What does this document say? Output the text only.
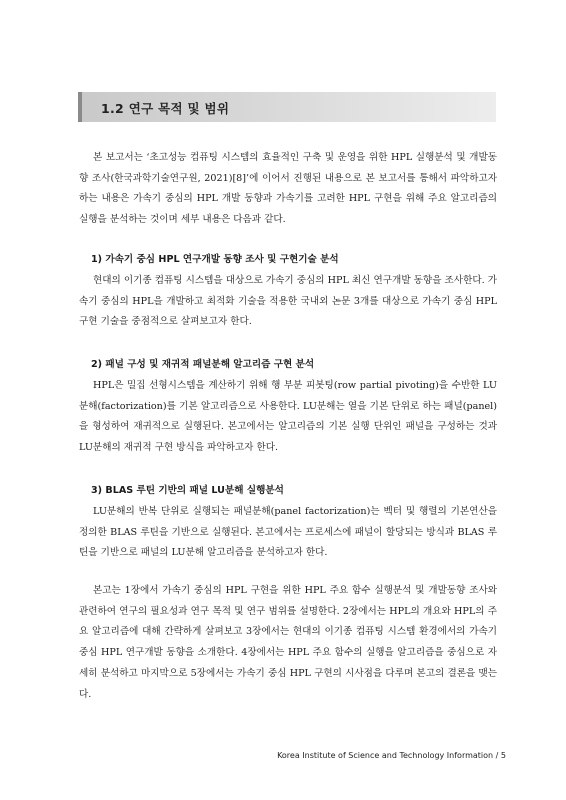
1.2 연구 목적 및 범위

본 보고서는 ‘초고성능 컴퓨팅 시스템의 효율적인 구축 및 운영을 위한 HPL 실행분석 및 개발동향 조사(한국과학기술연구원, 2021)[8]’에 이어서 진행된 내용으로 본 보고서를 통해서 파악하고자 하는 내용은 가속기 중심의 HPL 개발 동향과 가속기를 고려한 HPL 구현을 위해 주요 알고리즘의 실행을 분석하는 것이며 세부 내용은 다음과 같다.

1) 가속기 중심 HPL 연구개발 동향 조사 및 구현기술 분석

현대의 이기종 컴퓨팅 시스템을 대상으로 가속기 중심의 HPL 최신 연구개발 동향을 조사한다. 가속기 중심의 HPL을 개발하고 최적화 기술을 적용한 국내외 논문 3개를 대상으로 가속기 중심 HPL 구현 기술을 중점적으로 살펴보고자 한다.

2) 패널 구성 및 재귀적 패널분해 알고리즘 구현 분석

HPL은 밀집 선형시스템을 계산하기 위해 행 부분 피봇팅(row partial pivoting)을 수반한 LU분해(factorization)를 기본 알고리즘으로 사용한다. LU분해는 열을 기본 단위로 하는 패널(panel)을 형성하여 재귀적으로 실행된다. 본고에서는 알고리즘의 기본 실행 단위인 패널을 구성하는 것과 LU분해의 재귀적 구현 방식을 파악하고자 한다.

3) BLAS 루틴 기반의 패널 LU분해 실행분석

LU분해의 반복 단위로 실행되는 패널분해(panel factorization)는 벡터 및 행렬의 기본연산을 정의한 BLAS 루틴을 기반으로 실행된다. 본고에서는 프로세스에 패널이 할당되는 방식과 BLAS 루틴을 기반으로 패널의 LU분해 알고리즘을 분석하고자 한다.

본고는 1장에서 가속기 중심의 HPL 구현을 위한 HPL 주요 함수 실행분석 및 개발동향 조사와 관련하여 연구의 필요성과 연구 목적 및 연구 범위를 설명한다. 2장에서는 HPL의 개요와 HPL의 주요 알고리즘에 대해 간략하게 살펴보고 3장에서는 현대의 이기종 컴퓨팅 시스템 환경에서의 가속기 중심 HPL 연구개발 동향을 소개한다. 4장에서는 HPL 주요 함수의 실행을 알고리즘을 중심으로 자세히 분석하고 마지막으로 5장에서는 가속기 중심 HPL 구현의 시사점을 다루며 본고의 결론을 맺는다.

Korea Institute of Science and Technology Information / 5
